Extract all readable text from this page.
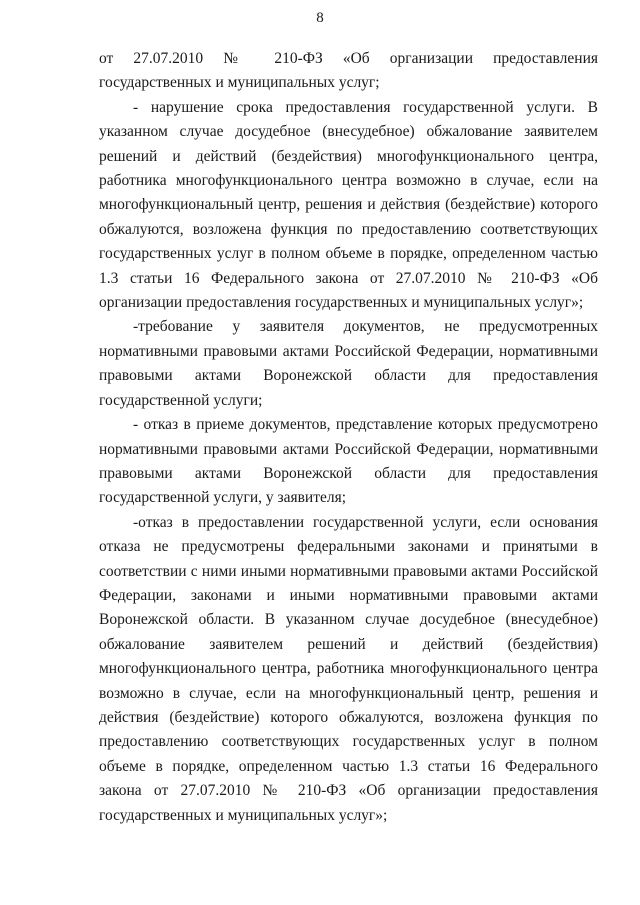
8

от 27.07.2010 № 210-ФЗ «Об организации предоставления государственных и муниципальных услуг;

- нарушение срока предоставления государственной услуги. В указанном случае досудебное (внесудебное) обжалование заявителем решений и действий (бездействия) многофункционального центра, работника многофункционального центра возможно в случае, если на многофункциональный центр, решения и действия (бездействие) которого обжалуются, возложена функция по предоставлению соответствующих государственных услуг в полном объеме в порядке, определенном частью 1.3 статьи 16 Федерального закона от 27.07.2010 № 210-ФЗ «Об организации предоставления государственных и муниципальных услуг»;

-требование у заявителя документов, не предусмотренных нормативными правовыми актами Российской Федерации, нормативными правовыми актами Воронежской области для предоставления государственной услуги;

- отказ в приеме документов, представление которых предусмотрено нормативными правовыми актами Российской Федерации, нормативными правовыми актами Воронежской области для предоставления государственной услуги, у заявителя;

-отказ в предоставлении государственной услуги, если основания отказа не предусмотрены федеральными законами и принятыми в соответствии с ними иными нормативными правовыми актами Российской Федерации, законами и иными нормативными правовыми актами Воронежской области. В указанном случае досудебное (внесудебное) обжалование заявителем решений и действий (бездействия) многофункционального центра, работника многофункционального центра возможно в случае, если на многофункциональный центр, решения и действия (бездействие) которого обжалуются, возложена функция по предоставлению соответствующих государственных услуг в полном объеме в порядке, определенном частью 1.3 статьи 16 Федерального закона от 27.07.2010 № 210-ФЗ «Об организации предоставления государственных и муниципальных услуг»;
